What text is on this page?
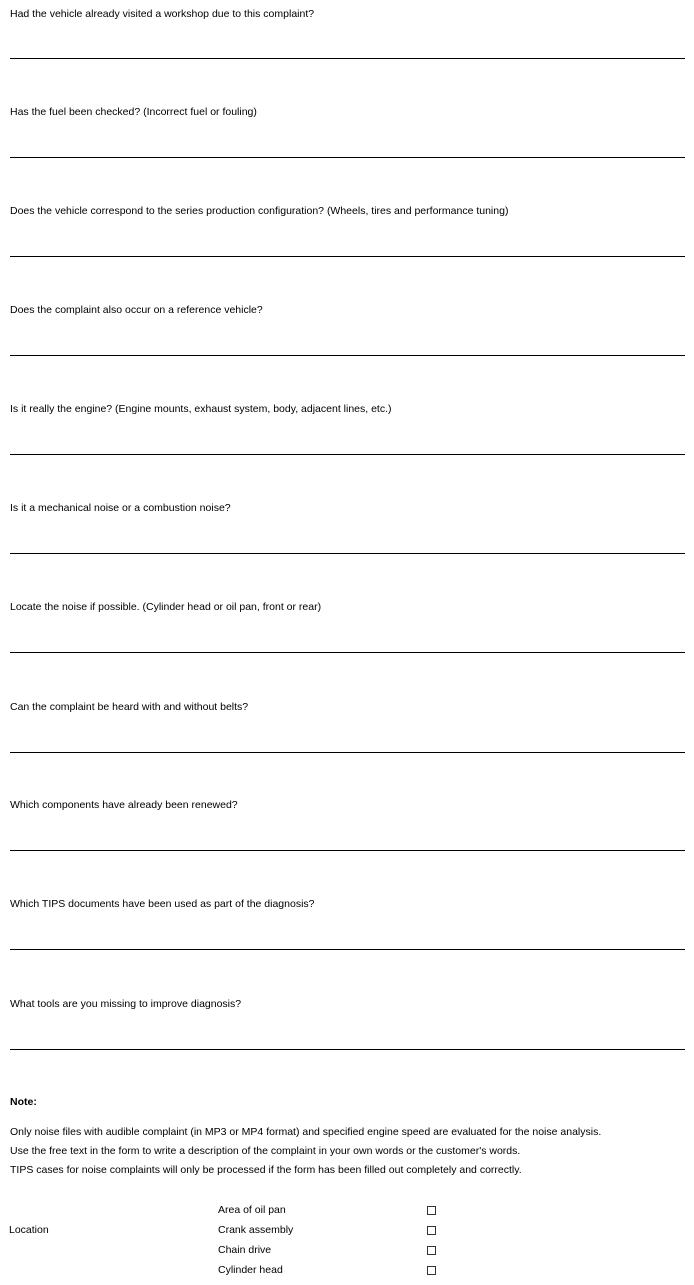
Had the vehicle already visited a workshop due to this complaint?
Has the fuel been checked? (Incorrect fuel or fouling)
Does the vehicle correspond to the series production configuration? (Wheels, tires and performance tuning)
Does the complaint also occur on a reference vehicle?
Is it really the engine? (Engine mounts, exhaust system, body, adjacent lines, etc.)
Is it a mechanical noise or a combustion noise?
Locate the noise if possible. (Cylinder head or oil pan, front or rear)
Can the complaint be heard with and without belts?
Which components have already been renewed?
Which TIPS documents have been used as part of the diagnosis?
What tools are you missing to improve diagnosis?
Note:
Only noise files with audible complaint (in MP3 or MP4 format) and specified engine speed are evaluated for the noise analysis.
Use the free text in the form to write a description of the complaint in your own words or the customer's words.
TIPS cases for noise complaints will only be processed if the form has been filled out completely and correctly.
Location
Area of oil pan
Crank assembly
Chain drive
Cylinder head
